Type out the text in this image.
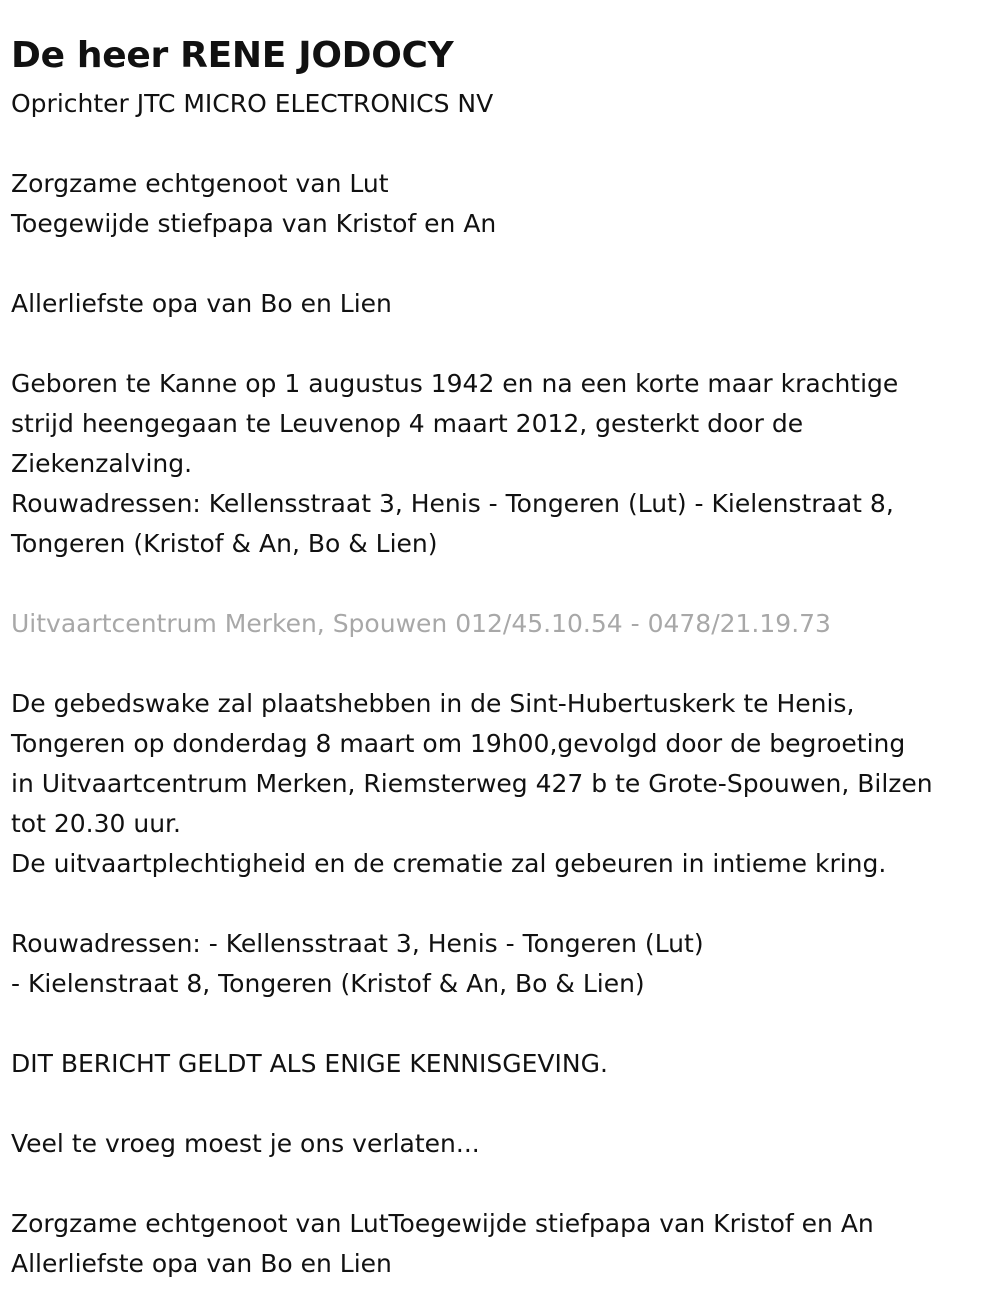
De heer RENE JODOCY

Oprichter JTC MICRO ELECTRONICS NV

Zorgzame echtgenoot van Lut

Toegewijde stiefpapa van Kristof en An

Allerliefste opa van Bo en Lien

Geboren te Kanne op 1 augustus 1942 en na een korte maar krachtige

strijd heengegaan te Leuvenop 4 maart 2012, gesterkt door de

Ziekenzalving.

Rouwadressen: Kellensstraat 3, Henis - Tongeren (Lut) - Kielenstraat 8,

Tongeren (Kristof & An, Bo & Lien)

Uitvaartcentrum Merken, Spouwen 012/45.10.54 - 0478/21.19.73

De gebedswake zal plaatshebben in de Sint-Hubertuskerk te Henis,

Tongeren op donderdag 8 maart om 19h00,gevolgd door de begroeting

in Uitvaartcentrum Merken, Riemsterweg 427 b te Grote-Spouwen, Bilzen

tot 20.30 uur.

De uitvaartplechtigheid en de crematie zal gebeuren in intieme kring.

Rouwadressen: - Kellensstraat 3, Henis - Tongeren (Lut)

- Kielenstraat 8, Tongeren (Kristof & An, Bo & Lien)

DIT BERICHT GELDT ALS ENIGE KENNISGEVING.

Veel te vroeg moest je ons verlaten...

Zorgzame echtgenoot van LutToegewijde stiefpapa van Kristof en An

Allerliefste opa van Bo en Lien
